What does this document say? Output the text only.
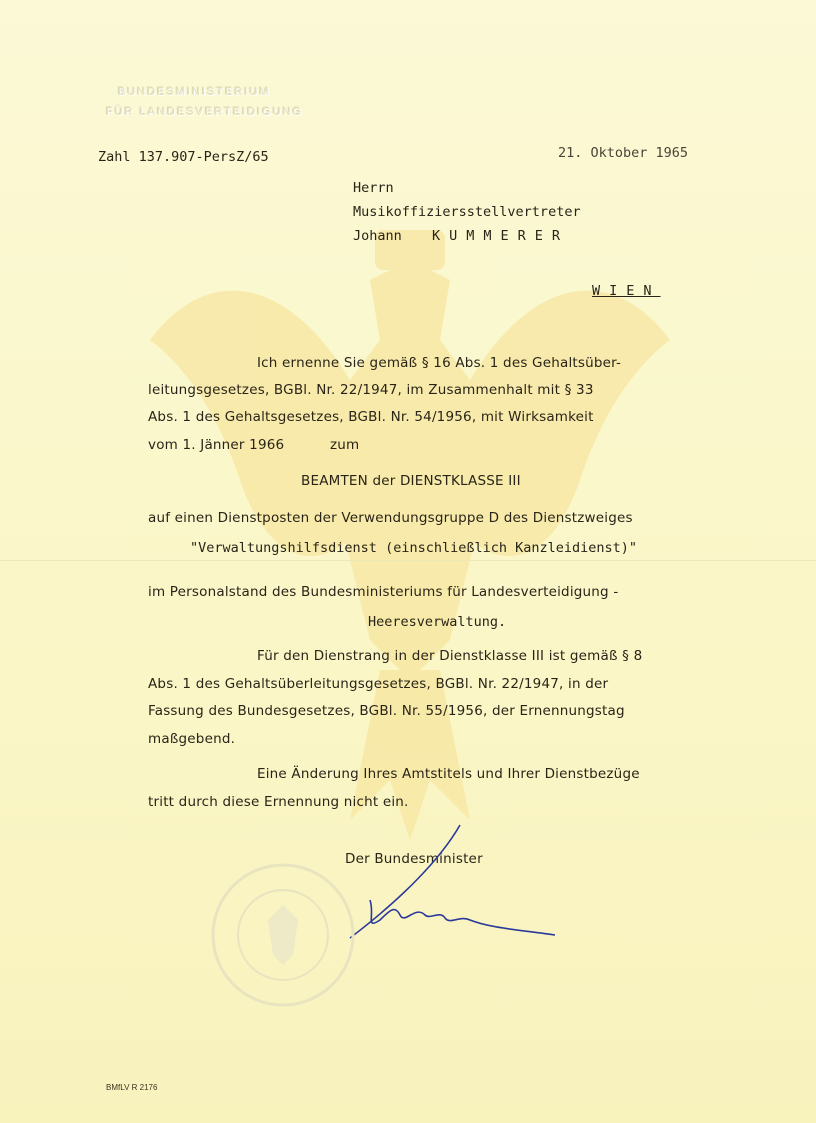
BUNDESMINISTERIUM
FÜR LANDESVERTEIDIGUNG
Zahl 137.907-PersZ/65	21. Oktober 1965
Herrn
Musikoffiziersstellvertreter
Johann KUMMERER
WIEN
Ich ernenne Sie gemäß § 16 Abs. 1 des Gehaltsüber-
leitungsgesetzes, BGBl. Nr. 22/1947, im Zusammenhalt mit § 33
Abs. 1 des Gehaltsgesetzes, BGBl. Nr. 54/1956, mit Wirksamkeit
vom 1. Jänner 1966	zum
BEAMTEN der DIENSTKLASSE III
auf einen Dienstposten der Verwendungsgruppe D des Dienstzweiges
"Verwaltungshilfsdienst (einschließlich Kanzleidienst)"
im Personalstand des Bundesministeriums für Landesverteidigung -
Heeresverwaltung.
Für den Dienstrang in der Dienstklasse III ist gemäß § 8
Abs. 1 des Gehaltsüberleitungsgesetzes, BGBl. Nr. 22/1947, in der
Fassung des Bundesgesetzes, BGBl. Nr. 55/1956, der Ernennungstag
maßgebend.
Eine Änderung Ihres Amtstitels und Ihrer Dienstbezüge
tritt durch diese Ernennung nicht ein.
Der Bundesminister
BMfLV R 2176
